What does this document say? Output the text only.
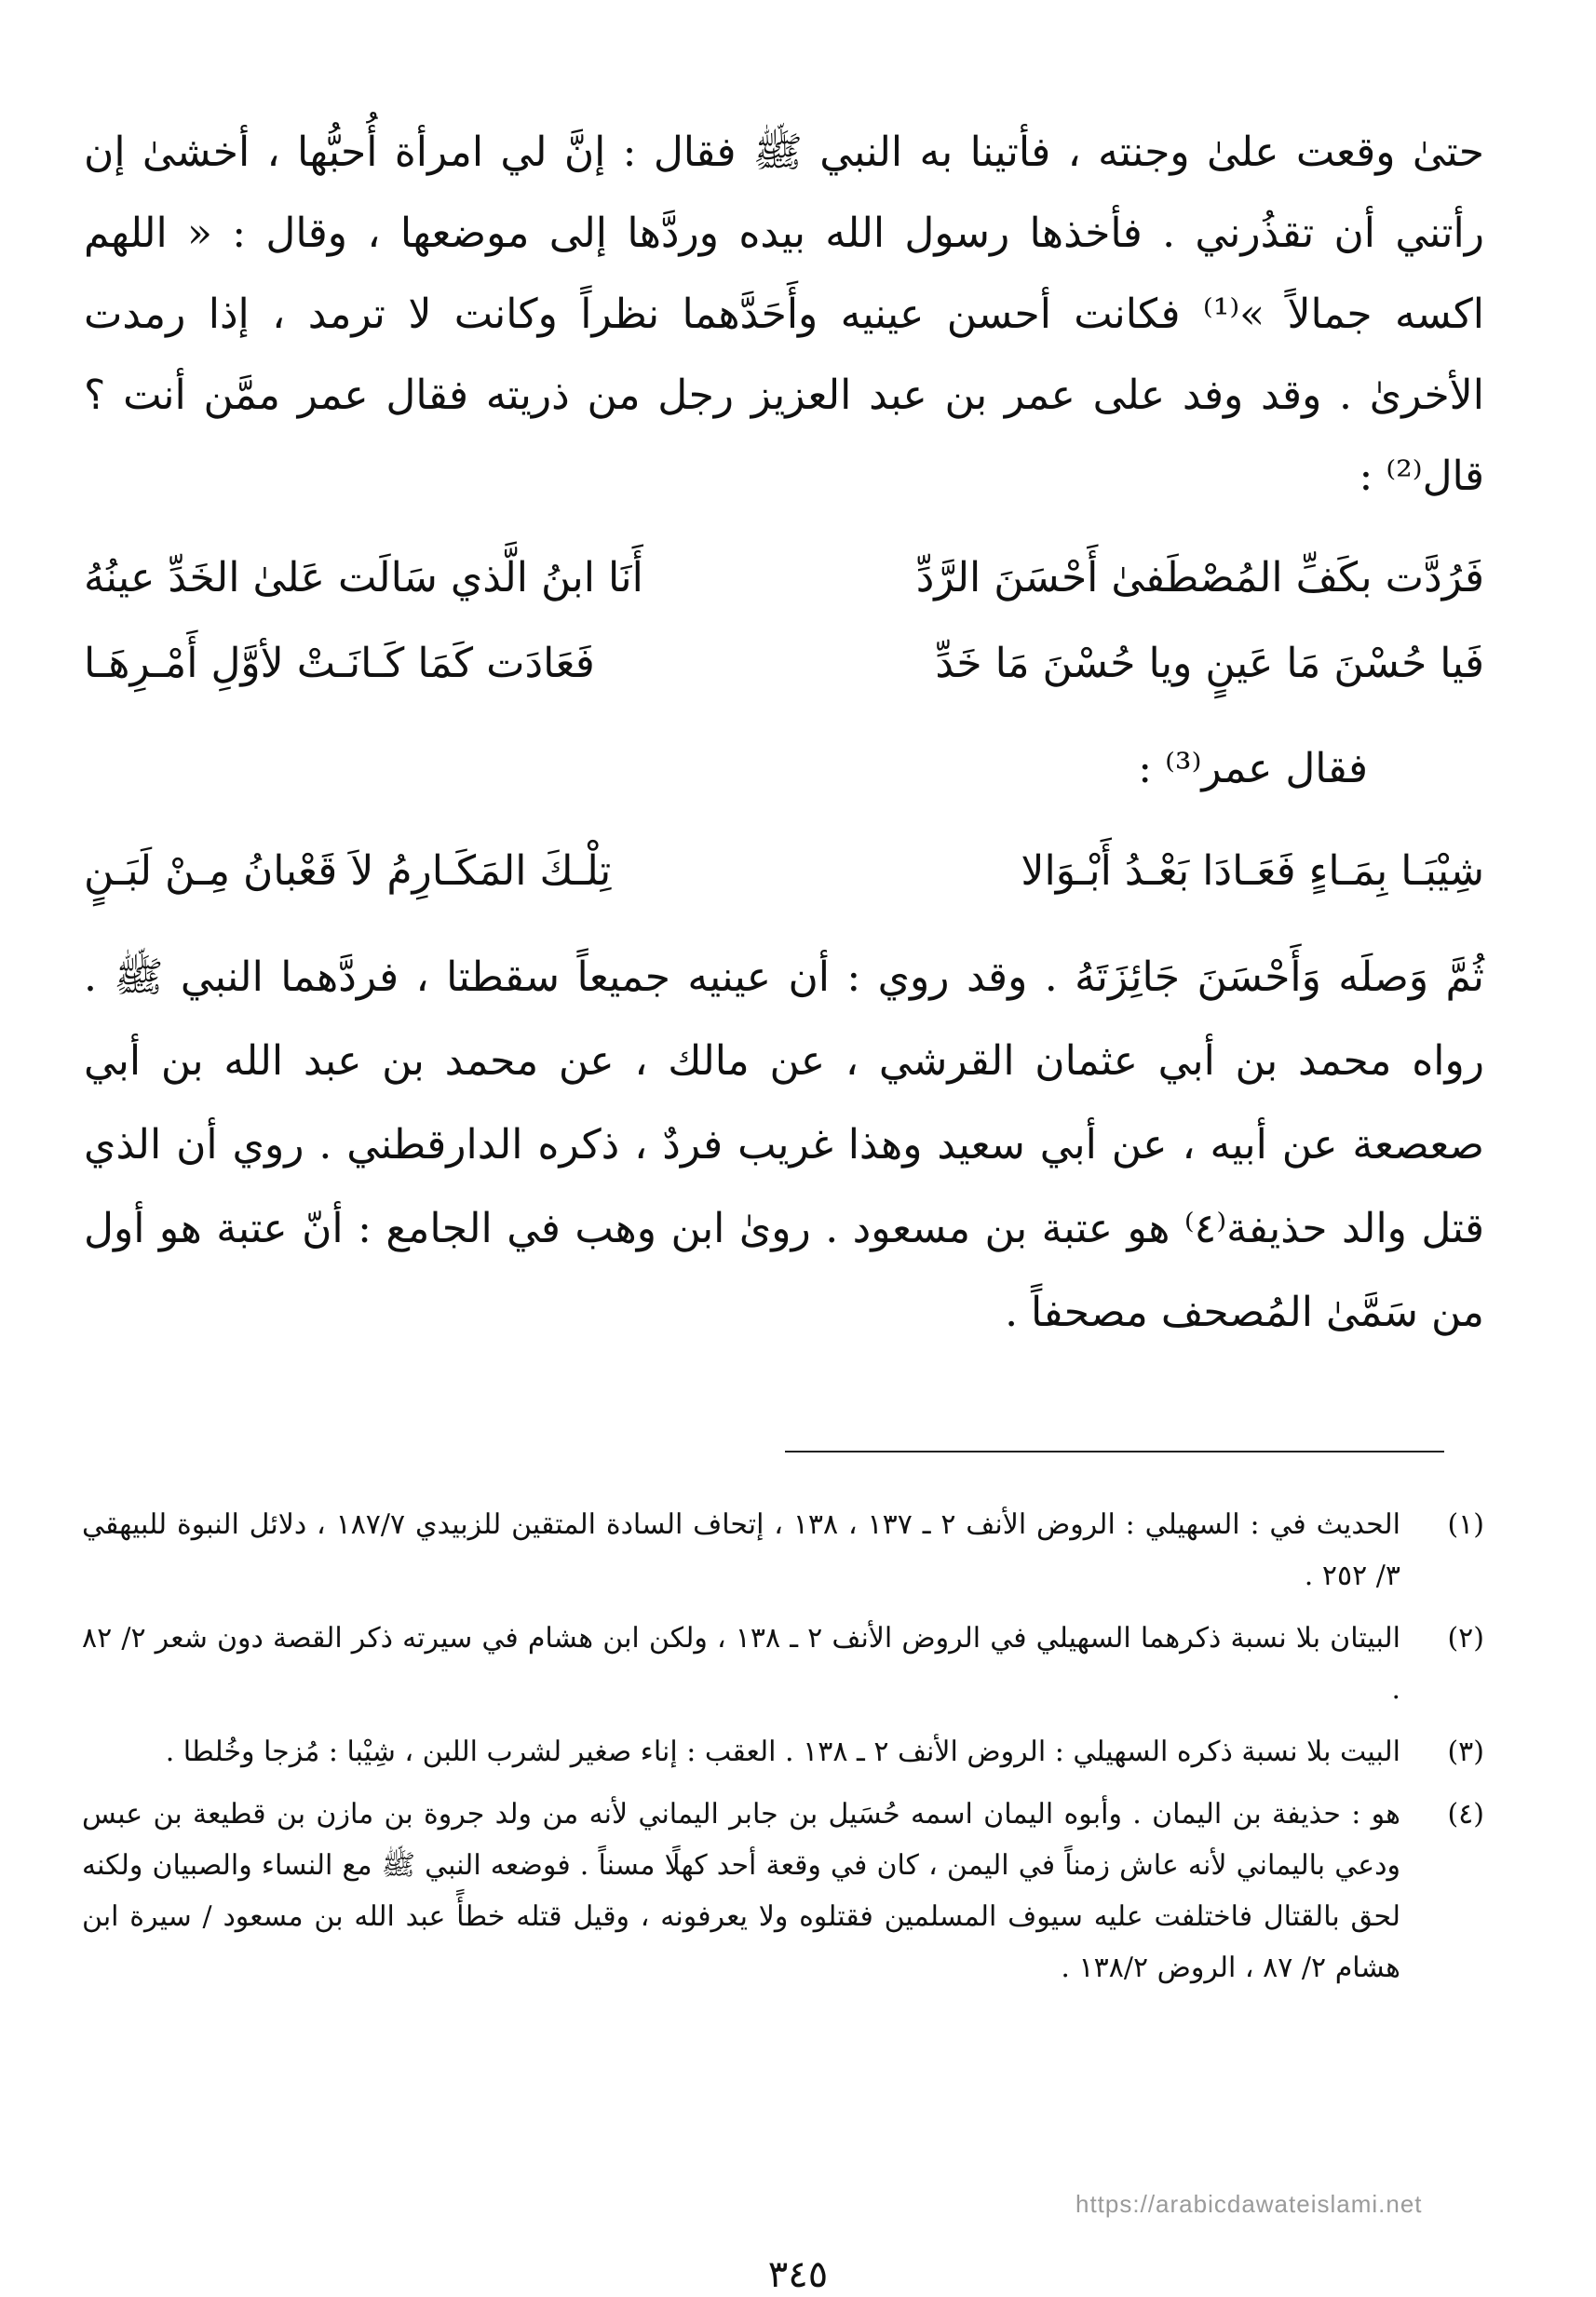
حتىٰ وقعت علىٰ وجنته ، فأتينا به النبي ﷺ فقال : إنَّ لي امرأة أُحبُّها ، أخشىٰ إن رأتني أن تقذُرني . فأخذها رسول الله بيده وردَّها إلى موضعها ، وقال : « اللهم اكسه جمالاً »⁽¹⁾ فكانت أحسن عينيه وأَحَدَّهما نظراً وكانت لا ترمد ، إذا رمدت الأخرىٰ . وقد وفد على عمر بن عبد العزيز رجل من ذريته فقال عمر ممَّن أنت ؟ قال⁽²⁾ :

فَرُدَّت بكَفِّ المُصْطَفىٰ أَحْسَنَ الرَّدِّ
أَنَا ابنُ الَّذي سَالَت عَلىٰ الخَدِّ عينُهُ
فَيا حُسْنَ مَا عَينٍ ويا حُسْنَ مَا خَدِّ
فَعَادَت كَمَا كَـانَـتْ لأوَّلِ أَمْـرِهَـا
فقال عمر⁽³⁾ :
شِيْبَـا بِمَـاءٍ فَعَـادَا بَعْـدُ أَبْـوَالا
تِلْـكَ المَكَـارِمُ لاَ قَعْبانُ مِـنْ لَبَـنٍ

ثُمَّ وَصلَه وَأَحْسَنَ جَائِزَتَهُ . وقد روي : أن عينيه جميعاً سقطتا ، فردَّهما النبي ﷺ . رواه محمد بن أبي عثمان القرشي ، عن مالك ، عن محمد بن عبد الله بن أبي صعصعة عن أبيه ، عن أبي سعيد وهذا غريب فردٌ ، ذكره الدارقطني . روي أن الذي قتل والد حذيفة⁽٤⁾ هو عتبة بن مسعود . روىٰ ابن وهب في الجامع : أنّ عتبة هو أول من سَمَّىٰ المُصحف مصحفاً .

(١)
الحديث في : السهيلي : الروض الأنف ٢ ـ ١٣٧ ، ١٣٨ ، إتحاف السادة المتقين للزبيدي ١٨٧/٧ ، دلائل النبوة للبيهقي ٣/ ٢٥٢ .
(٢)
البيتان بلا نسبة ذكرهما السهيلي في الروض الأنف ٢ ـ ١٣٨ ، ولكن ابن هشام في سيرته ذكر القصة دون شعر ٢/ ٨٢ .
(٣)
البيت بلا نسبة ذكره السهيلي : الروض الأنف ٢ ـ ١٣٨ . العقب : إناء صغير لشرب اللبن ، شِيْبا : مُزجا وخُلطا .
(٤)
هو : حذيفة بن اليمان . وأبوه اليمان اسمه حُسَيل بن جابر اليماني لأنه من ولد جروة بن مازن بن قطيعة بن عبس ودعي باليماني لأنه عاش زمناً في اليمن ، كان في وقعة أحد كهلًا مسناً . فوضعه النبي ﷺ مع النساء والصبيان ولكنه لحق بالقتال فاختلفت عليه سيوف المسلمين فقتلوه ولا يعرفونه ، وقيل قتله خطأً عبد الله بن مسعود / سيرة ابن هشام ٢/ ٨٧ ، الروض ١٣٨/٢ .
https://arabicdawateislami.net
٣٤٥
